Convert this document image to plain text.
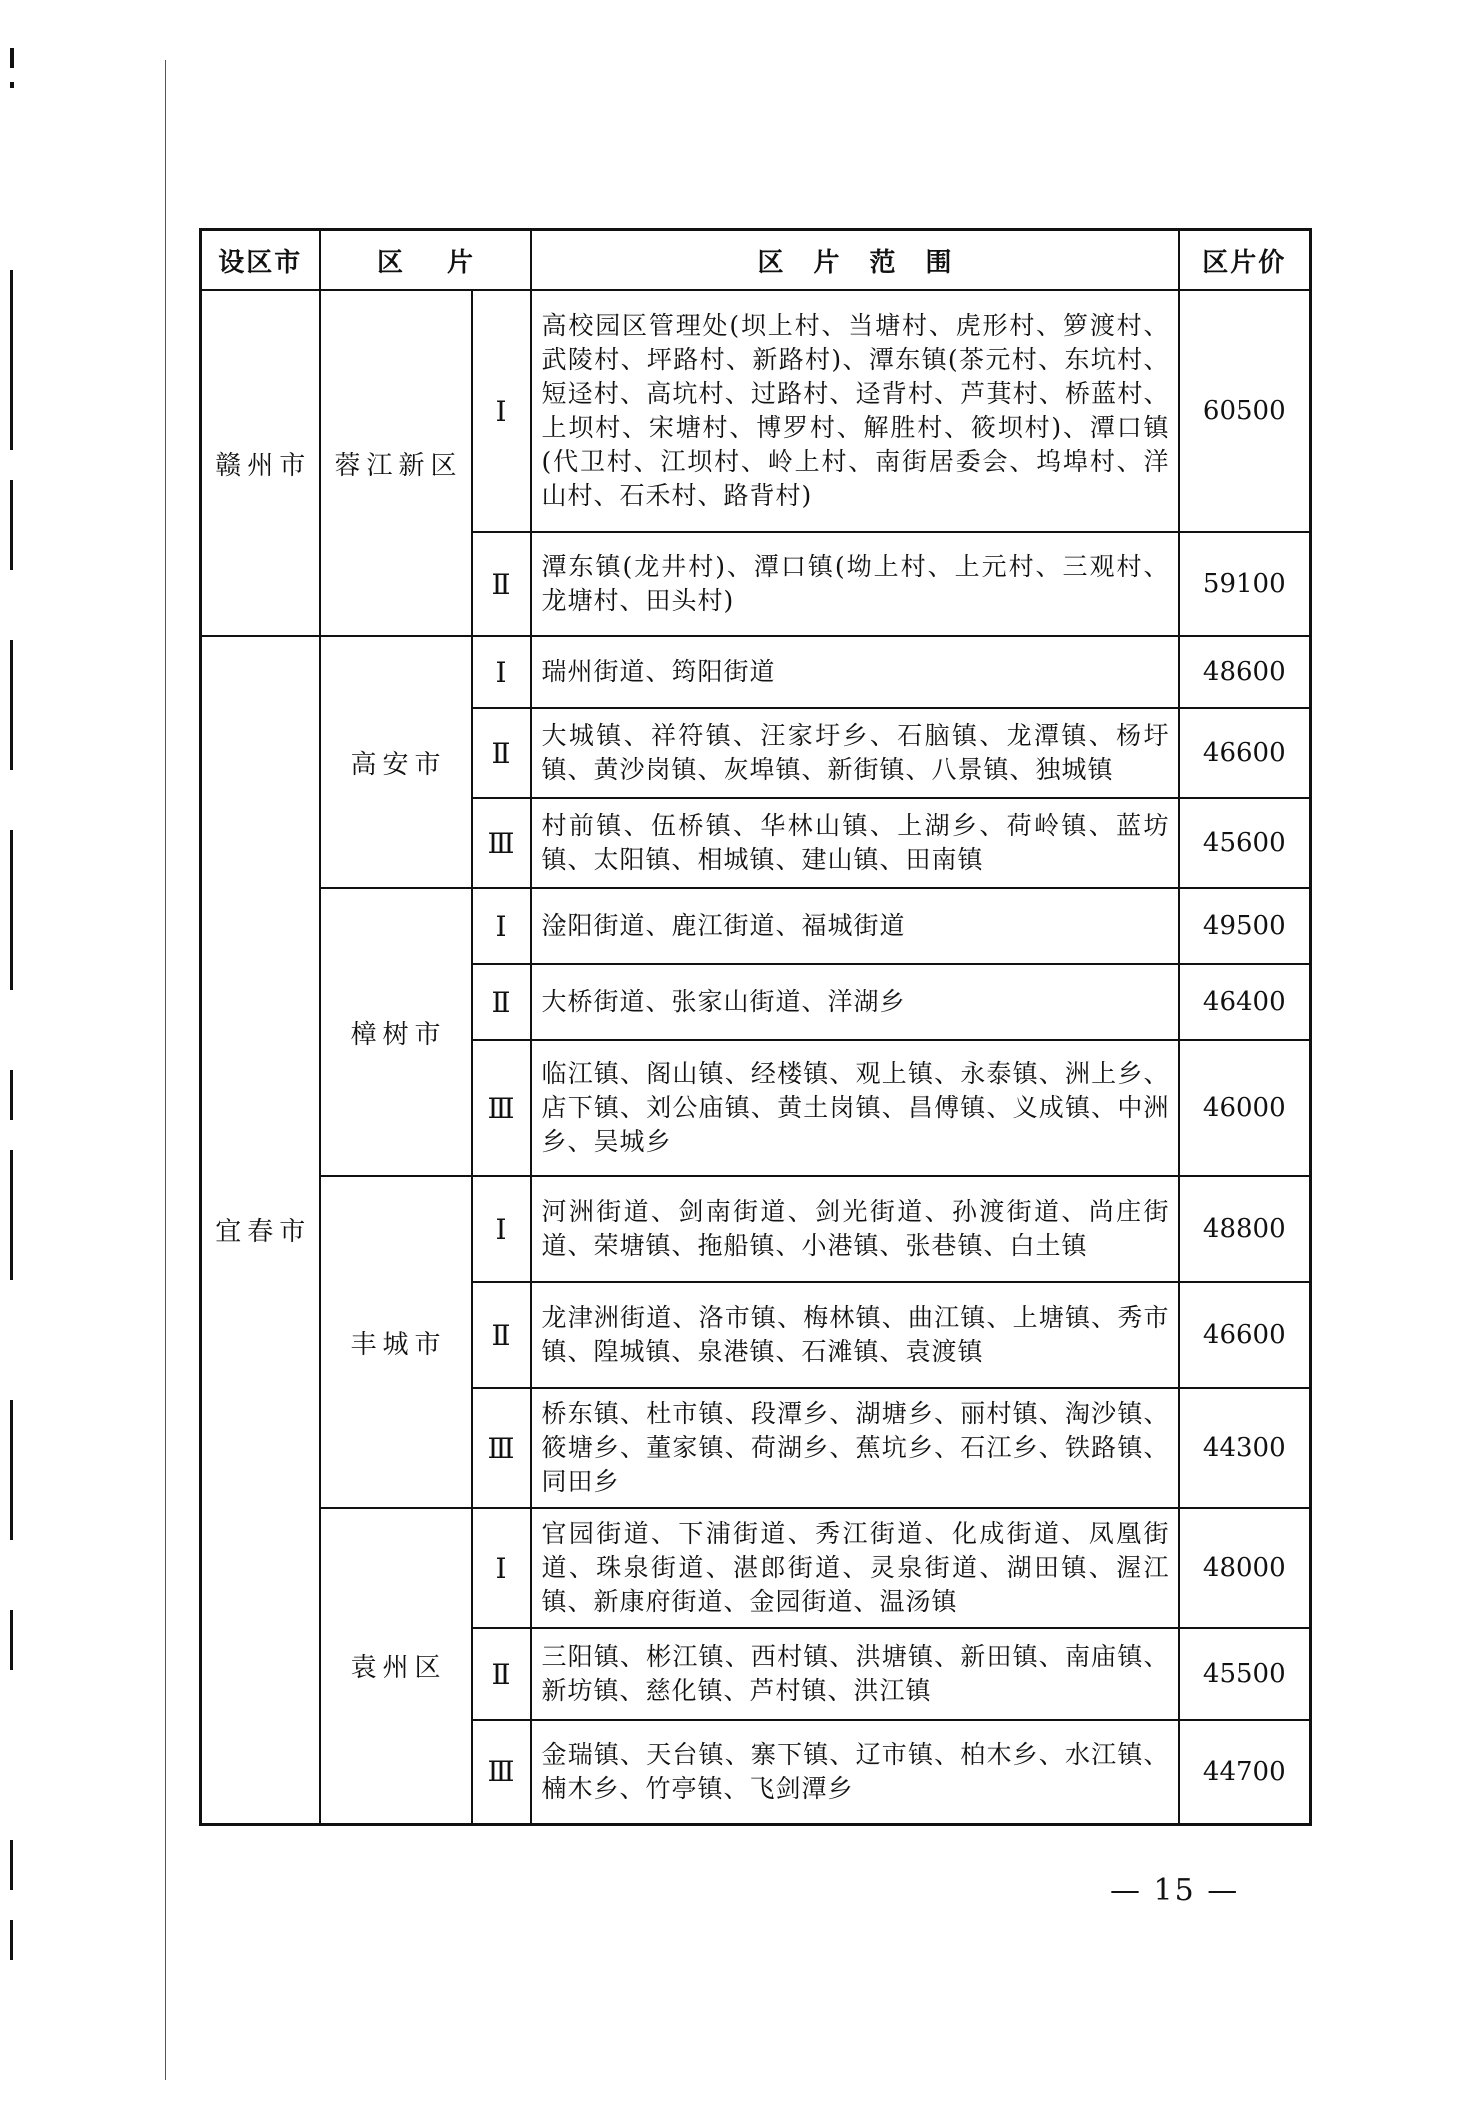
设区市	区片		区片范围	区片价
赣州市	蓉江新区	Ⅰ	高校园区管理处(坝上村、当塘村、虎形村、箩渡村、武陵村、坪路村、新路村)、潭东镇(茶元村、东坑村、短迳村、高坑村、过路村、迳背村、芦萁村、桥蓝村、上坝村、宋塘村、博罗村、解胜村、筱坝村)、潭口镇(代卫村、江坝村、岭上村、南街居委会、坞埠村、洋山村、石禾村、路背村)	60500
		Ⅱ	潭东镇(龙井村)、潭口镇(坳上村、上元村、三观村、龙塘村、田头村)	59100
宜春市	高安市	Ⅰ	瑞州街道、筠阳街道	48600
		Ⅱ	大城镇、祥符镇、汪家圩乡、石脑镇、龙潭镇、杨圩镇、黄沙岗镇、灰埠镇、新街镇、八景镇、独城镇	46600
		Ⅲ	村前镇、伍桥镇、华林山镇、上湖乡、荷岭镇、蓝坊镇、太阳镇、相城镇、建山镇、田南镇	45600
	樟树市	Ⅰ	淦阳街道、鹿江街道、福城街道	49500
		Ⅱ	大桥街道、张家山街道、洋湖乡	46400
		Ⅲ	临江镇、阁山镇、经楼镇、观上镇、永泰镇、洲上乡、店下镇、刘公庙镇、黄土岗镇、昌傅镇、义成镇、中洲乡、吴城乡	46000
	丰城市	Ⅰ	河洲街道、剑南街道、剑光街道、孙渡街道、尚庄街道、荣塘镇、拖船镇、小港镇、张巷镇、白土镇	48800
		Ⅱ	龙津洲街道、洛市镇、梅林镇、曲江镇、上塘镇、秀市镇、隍城镇、泉港镇、石滩镇、袁渡镇	46600
		Ⅲ	桥东镇、杜市镇、段潭乡、湖塘乡、丽村镇、淘沙镇、筱塘乡、董家镇、荷湖乡、蕉坑乡、石江乡、铁路镇、同田乡	44300
	袁州区	Ⅰ	官园街道、下浦街道、秀江街道、化成街道、凤凰街道、珠泉街道、湛郎街道、灵泉街道、湖田镇、渥江镇、新康府街道、金园街道、温汤镇	48000
		Ⅱ	三阳镇、彬江镇、西村镇、洪塘镇、新田镇、南庙镇、新坊镇、慈化镇、芦村镇、洪江镇	45500
		Ⅲ	金瑞镇、天台镇、寨下镇、辽市镇、柏木乡、水江镇、楠木乡、竹亭镇、飞剑潭乡	44700
— 15 —
